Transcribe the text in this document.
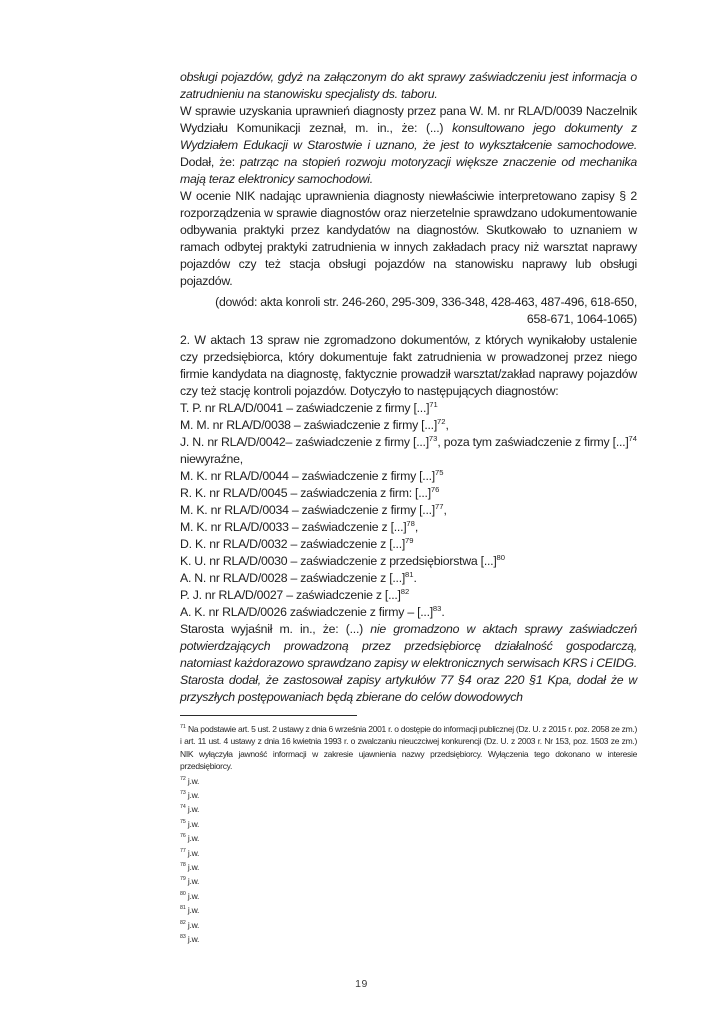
obsługi pojazdów, gdyż na załączonym do akt sprawy zaświadczeniu jest informacja o zatrudnieniu na stanowisku specjalisty ds. taboru.

W sprawie uzyskania uprawnień diagnosty przez pana W. M. nr RLA/D/0039 Naczelnik Wydziału Komunikacji zeznał, m. in., że: (...) konsultowano jego dokumenty z Wydziałem Edukacji w Starostwie i uznano, że jest to wykształcenie samochodowe. Dodał, że: patrząc na stopień rozwoju motoryzacji większe znaczenie od mechanika mają teraz elektronicy samochodowi.

W ocenie NIK nadając uprawnienia diagnosty niewłaściwie interpretowano zapisy § 2 rozporządzenia w sprawie diagnostów oraz nierzetelnie sprawdzano udokumentowanie odbywania praktyki przez kandydatów na diagnostów. Skutkowało to uznaniem w ramach odbytej praktyki zatrudnienia w innych zakładach pracy niż warsztat naprawy pojazdów czy też stacja obsługi pojazdów na stanowisku naprawy lub obsługi pojazdów.

(dowód: akta konroli str. 246-260, 295-309, 336-348, 428-463, 487-496, 618-650, 658-671, 1064-1065)

2. W aktach 13 spraw nie zgromadzono dokumentów, z których wynikałoby ustalenie czy przedsiębiorca, który dokumentuje fakt zatrudnienia w prowadzonej przez niego firmie kandydata na diagnostę, faktycznie prowadził warsztat/zakład naprawy pojazdów czy też stację kontroli pojazdów. Dotyczyło to następujących diagnostów:

T. P. nr RLA/D/0041 – zaświadczenie z firmy [...]$^{71}$

M. M. nr RLA/D/0038 – zaświadczenie z firmy [...]$^{72}$,

J. N. nr RLA/D/0042– zaświadczenie z firmy [...]$^{73}$, poza tym zaświadczenie z firmy [...]$^{74}$ niewyraźne,

M. K. nr RLA/D/0044 – zaświadczenie z firmy [...]$^{75}$

R. K. nr RLA/D/0045 – zaświadczenia z firm: [...]$^{76}$

M. K. nr RLA/D/0034 – zaświadczenie z firmy [...]$^{77}$,

M. K. nr RLA/D/0033 – zaświadczenie z [...]$^{78}$,

D. K. nr RLA/D/0032 – zaświadczenie z [...]$^{79}$

K. U. nr RLA/D/0030 – zaświadczenie z przedsiębiorstwa [...]$^{80}$

A. N. nr RLA/D/0028 – zaświadczenie z [...]$^{81}$.

P. J. nr RLA/D/0027 – zaświadczenie z [...]$^{82}$

A. K. nr RLA/D/0026 zaświadczenie z firmy – [...]$^{83}$.

Starosta wyjaśnił m. in., że: (...) nie gromadzono w aktach sprawy zaświadczeń potwierdzających prowadzoną przez przedsiębiorcę działalność gospodarczą, natomiast każdorazowo sprawdzano zapisy w elektronicznych serwisach KRS i CEIDG. Starosta dodał, że zastosował zapisy artykułów 77 §4 oraz 220 §1 Kpa, dodał że w przyszłych postępowaniach będą zbierane do celów dowodowych

$^{71}$ Na podstawie art. 5 ust. 2 ustawy z dnia 6 września 2001 r. o dostępie do informacji publicznej (Dz. U. z 2015 r. poz. 2058 ze zm.) i art. 11 ust. 4 ustawy z dnia 16 kwietnia 1993 r. o zwalczaniu nieuczciwej konkurencji (Dz. U. z 2003 r. Nr 153, poz. 1503 ze zm.) NIK wyłączyła jawność informacji w zakresie ujawnienia nazwy przedsiębiorcy. Wyłączenia tego dokonano w interesie przedsiębiorcy.

$^{72}$ j.w.

$^{73}$ j.w.

$^{74}$ j.w.

$^{75}$ j.w.

$^{76}$ j.w.

$^{77}$ j.w.

$^{78}$ j.w.

$^{79}$ j.w.

$^{80}$ j.w.

$^{81}$ j.w.

$^{82}$ j.w.

$^{83}$ j.w.

19
